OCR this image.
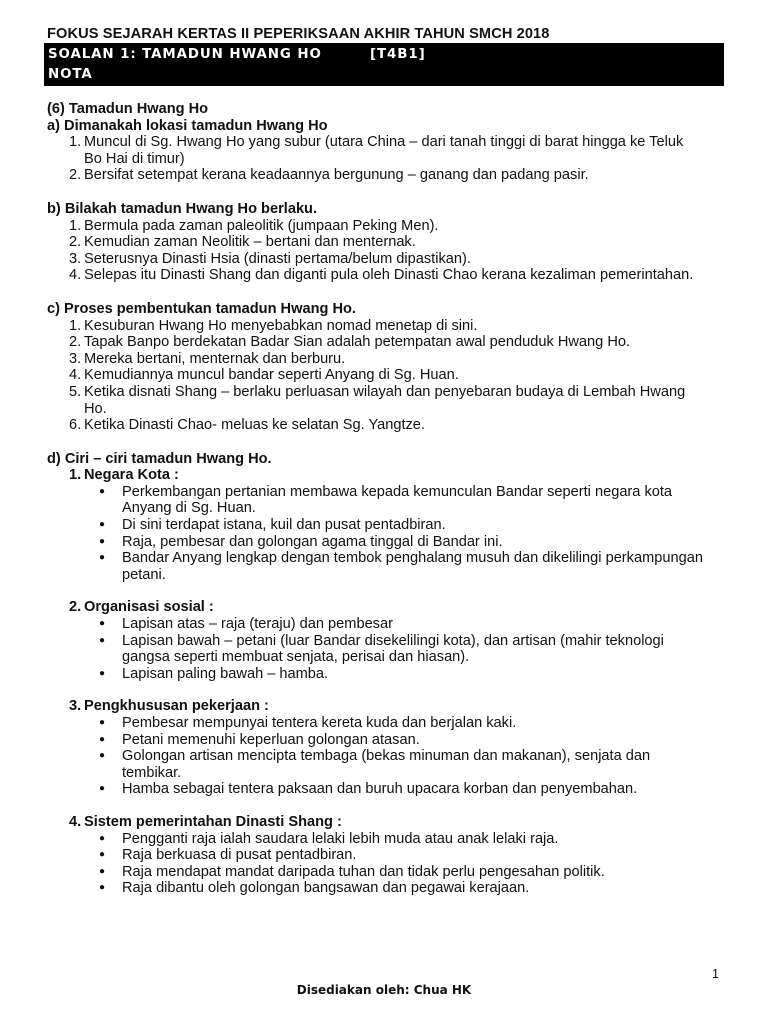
FOKUS SEJARAH KERTAS II PEPERIKSAAN AKHIR TAHUN SMCH 2018
SOALAN 1: TAMADUN HWANG HO	[T4B1]
NOTA

(6) Tamadun Hwang Ho

a) Dimanakah lokasi tamadun Hwang Ho

1. Muncul di Sg. Hwang Ho yang subur (utara China – dari tanah tinggi di barat hingga ke Teluk Bo Hai di timur)
2. Bersifat setempat kerana keadaannya bergunung – ganang dan padang pasir.

b) Bilakah tamadun Hwang Ho berlaku.

1. Bermula pada zaman paleolitik (jumpaan Peking Men).
2. Kemudian zaman Neolitik – bertani dan menternak.
3. Seterusnya Dinasti Hsia (dinasti pertama/belum dipastikan).
4. Selepas itu Dinasti Shang dan diganti pula oleh Dinasti Chao kerana kezaliman pemerintahan.

c) Proses pembentukan tamadun Hwang Ho.

1. Kesuburan Hwang Ho menyebabkan nomad menetap di sini.
2. Tapak Banpo berdekatan Badar Sian adalah petempatan awal penduduk Hwang Ho.
3. Mereka bertani, menternak dan berburu.
4. Kemudiannya muncul bandar seperti Anyang di Sg. Huan.
5. Ketika disnati Shang – berlaku perluasan wilayah dan penyebaran budaya di Lembah Hwang Ho.
6. Ketika Dinasti Chao- meluas ke selatan Sg. Yangtze.

d) Ciri – ciri tamadun Hwang Ho.

1. Negara Kota :
● Perkembangan pertanian membawa kepada kemunculan Bandar seperti negara kota Anyang di Sg. Huan.
● Di sini terdapat istana, kuil dan pusat pentadbiran.
● Raja, pembesar dan golongan agama tinggal di Bandar ini.
● Bandar Anyang lengkap dengan tembok penghalang musuh dan dikelilingi perkampungan petani.
2. Organisasi sosial :
● Lapisan atas – raja (teraju) dan pembesar
● Lapisan bawah – petani (luar Bandar disekelilingi kota), dan artisan (mahir teknologi gangsa seperti membuat senjata, perisai dan hiasan).
● Lapisan paling bawah – hamba.
3. Pengkhususan pekerjaan :
● Pembesar mempunyai tentera kereta kuda dan berjalan kaki.
● Petani memenuhi keperluan golongan atasan.
● Golongan artisan mencipta tembaga (bekas minuman dan makanan), senjata dan tembikar.
● Hamba sebagai tentera paksaan dan buruh upacara korban dan penyembahan.
4. Sistem pemerintahan Dinasti Shang :
● Pengganti raja ialah saudara lelaki lebih muda atau anak lelaki raja.
● Raja berkuasa di pusat pentadbiran.
● Raja mendapat mandat daripada tuhan dan tidak perlu pengesahan politik.
● Raja dibantu oleh golongan bangsawan dan pegawai kerajaan.
1
Disediakan oleh: Chua HK
